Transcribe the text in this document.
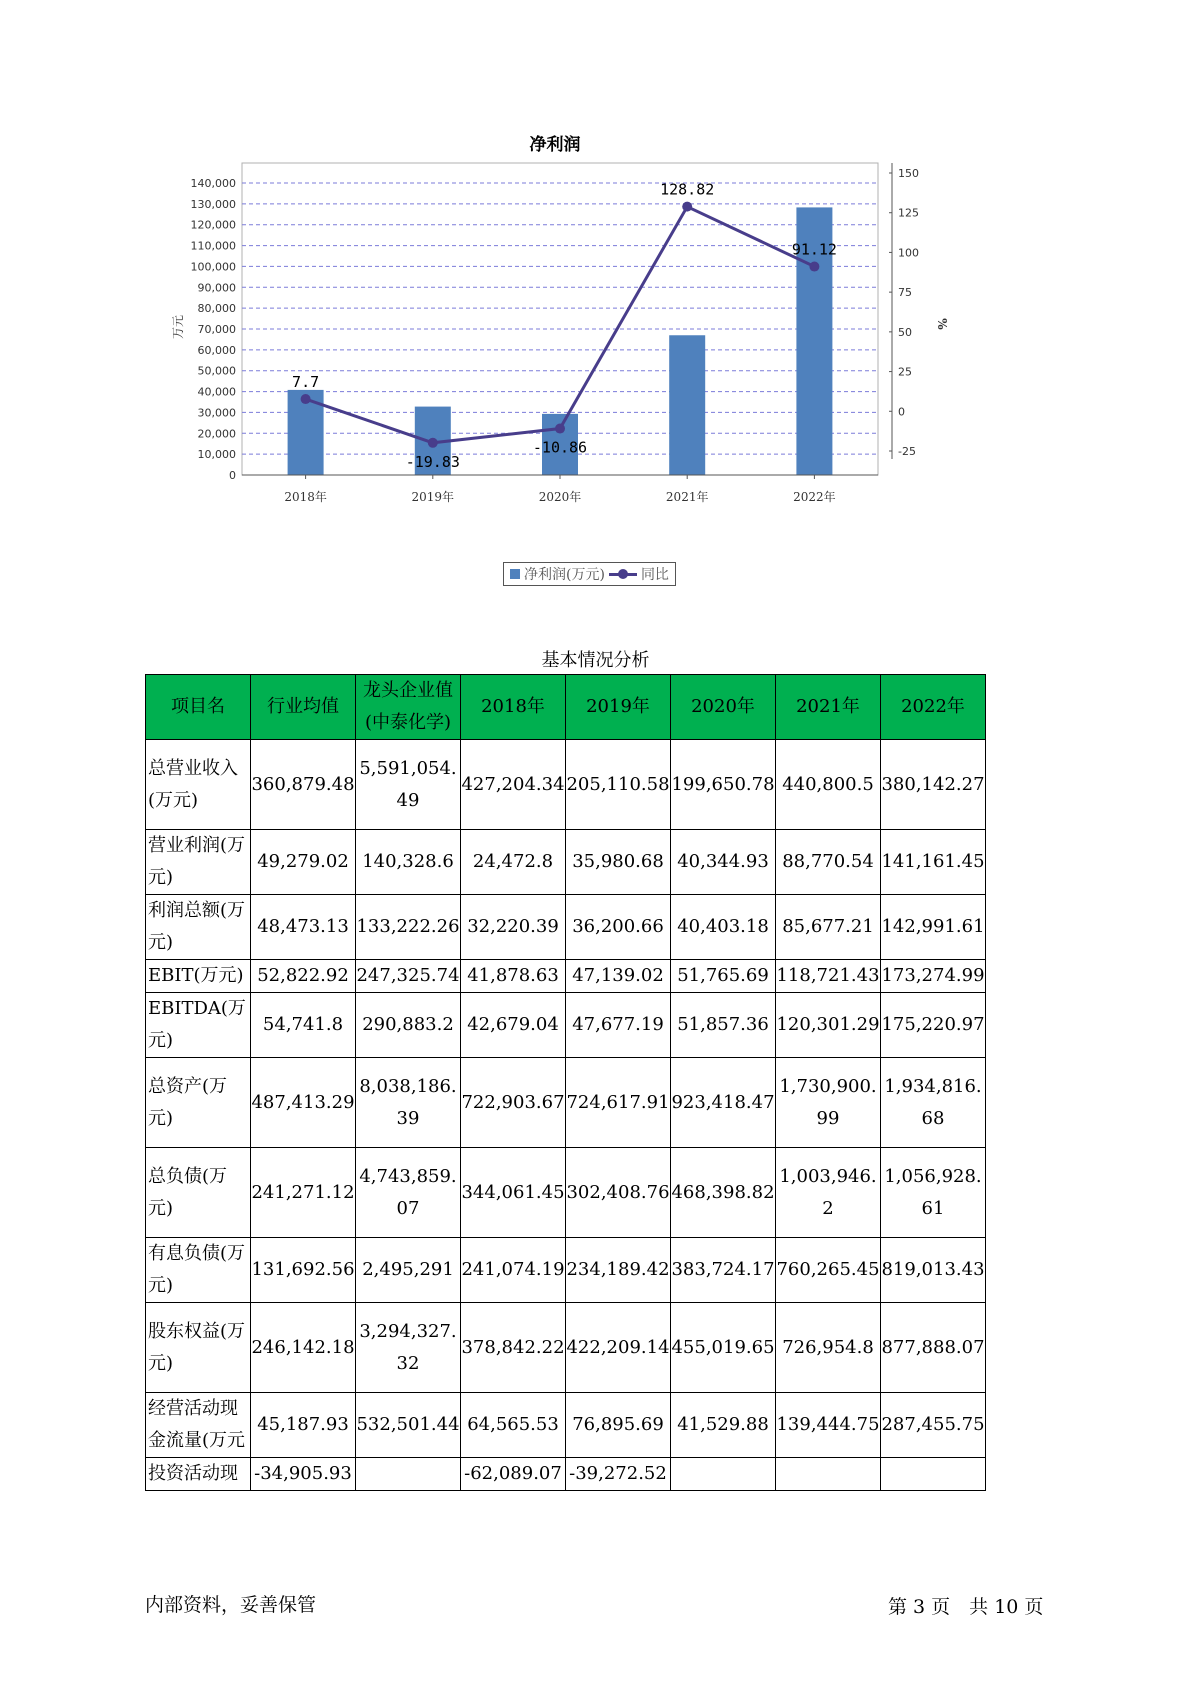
净利润
0
10,000
20,000
30,000
40,000
50,000
60,000
70,000
80,000
90,000
100,000
110,000
120,000
130,000
140,000
-25
0
25
50
75
100
125
150
2018年	2019年	2020年	2021年	2022年
7.7
-19.83
-10.86
128.82
91.12
万元	%
净利润(万元)	同比
基本情况分析
项目名	行业均值	龙头企业值(中泰化学)	2018年	2019年	2020年	2021年	2022年
总营业收入(万元)	360,879.48	5,591,054.49	427,204.34	205,110.58	199,650.78	440,800.5	380,142.27
营业利润(万元)	49,279.02	140,328.6	24,472.8	35,980.68	40,344.93	88,770.54	141,161.45
利润总额(万元)	48,473.13	133,222.26	32,220.39	36,200.66	40,403.18	85,677.21	142,991.61
EBIT(万元)	52,822.92	247,325.74	41,878.63	47,139.02	51,765.69	118,721.43	173,274.99
EBITDA(万元)	54,741.8	290,883.2	42,679.04	47,677.19	51,857.36	120,301.29	175,220.97
总资产(万元)	487,413.29	8,038,186.39	722,903.67	724,617.91	923,418.47	1,730,900.99	1,934,816.68
总负债(万元)	241,271.12	4,743,859.07	344,061.45	302,408.76	468,398.82	1,003,946.2	1,056,928.61
有息负债(万元)	131,692.56	2,495,291	241,074.19	234,189.42	383,724.17	760,265.45	819,013.43
股东权益(万元)	246,142.18	3,294,327.32	378,842.22	422,209.14	455,019.65	726,954.8	877,888.07
经营活动现金流量(万元	45,187.93	532,501.44	64,565.53	76,895.69	41,529.88	139,444.75	287,455.75
投资活动现	-34,905.93		-62,089.07	-39,272.52			
内部资料，妥善保管	第 3 页　共 10 页
